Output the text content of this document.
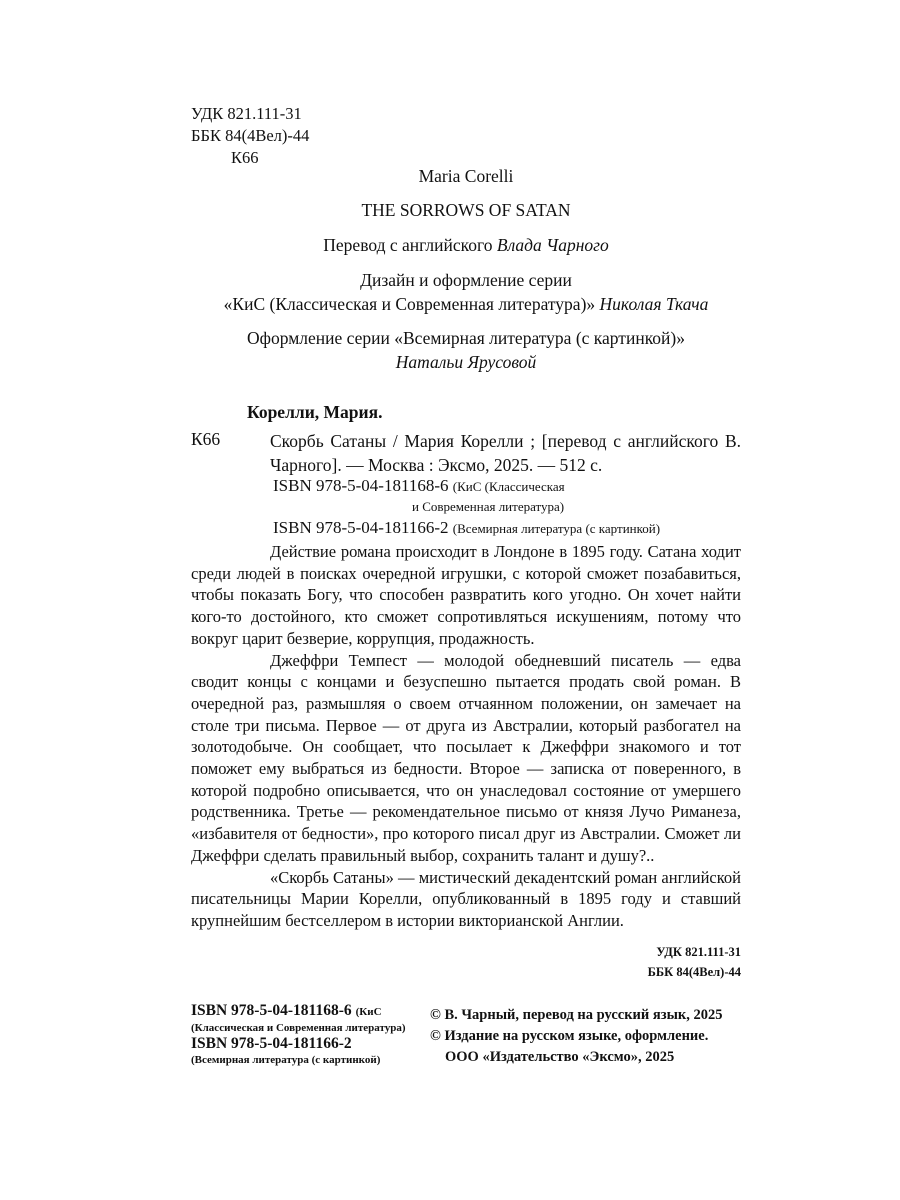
УДК 821.111-31
ББК 84(4Вел)-44
К66
Maria Corelli
THE SORROWS OF SATAN
Перевод с английского Влада Чарного
Дизайн и оформление серии
«КиС (Классическая и Современная литература)» Николая Ткача
Оформление серии «Всемирная литература (с картинкой)»
Натальи Ярусовой
Корелли, Мария.
К66	Скорбь Сатаны / Мария Корелли ; [перевод с английского В. Чарного]. — Москва : Эксмо, 2025. — 512 с.
ISBN 978-5-04-181168-6 (КиС (Классическая
и Современная литература)
ISBN 978-5-04-181166-2 (Всемирная литература (с картинкой)

Действие романа происходит в Лондоне в 1895 году. Сатана ходит среди людей в поисках очередной игрушки, с которой сможет позабавиться, чтобы показать Богу, что способен развратить кого угодно. Он хочет найти кого-то достойного, кто сможет сопротивляться искушениям, потому что вокруг царит безверие, коррупция, продажность.

Джеффри Темпест — молодой обедневший писатель — едва сводит концы с концами и безуспешно пытается продать свой роман. В очередной раз, размышляя о своем отчаянном положении, он замечает на столе три письма. Первое — от друга из Австралии, который разбогател на золотодобыче. Он сообщает, что посылает к Джеффри знакомого и тот поможет ему выбраться из бедности. Второе — записка от поверенного, в которой подробно описывается, что он унаследовал состояние от умершего родственника. Третье — рекомендательное письмо от князя Лучо Риманеза, «избавителя от бедности», про которого писал друг из Австралии. Сможет ли Джеффри сделать правильный выбор, сохранить талант и душу?..

«Скорбь Сатаны» — мистический декадентский роман английской писательницы Марии Корелли, опубликованный в 1895 году и ставший крупнейшим бестселлером в истории викторианской Англии.

УДК 821.111-31
ББК 84(4Вел)-44
ISBN 978-5-04-181168-6 (КиС
(Классическая и Современная литература)
ISBN 978-5-04-181166-2
(Всемирная литература (с картинкой)
© В. Чарный, перевод на русский язык, 2025
© Издание на русском языке, оформление.
ООО «Издательство «Эксмо», 2025
